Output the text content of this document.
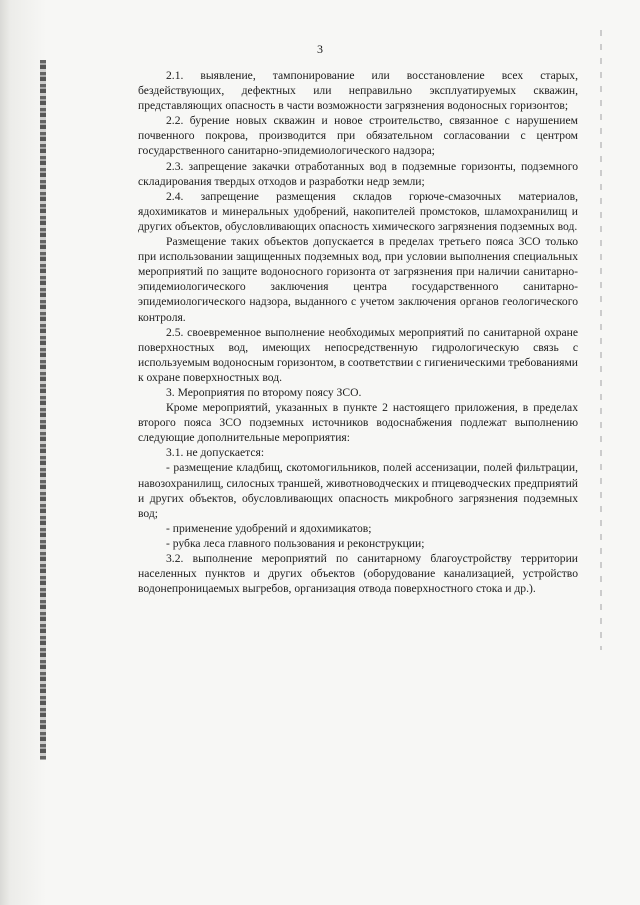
3

2.1. выявление, тампонирование или восстановление всех старых, бездействующих, дефектных или неправильно эксплуатируемых скважин, представляющих опасность в части возможности загрязнения водоносных горизонтов;

2.2. бурение новых скважин и новое строительство, связанное с нарушением почвенного покрова, производится при обязательном согласовании с центром государственного санитарно-эпидемиологического надзора;

2.3. запрещение закачки отработанных вод в подземные горизонты, подземного складирования твердых отходов и разработки недр земли;

2.4. запрещение размещения складов горюче-смазочных материалов, ядохимикатов и минеральных удобрений, накопителей промстоков, шламохранилищ и других объектов, обусловливающих опасность химического загрязнения подземных вод.

Размещение таких объектов допускается в пределах третьего пояса ЗСО только при использовании защищенных подземных вод, при условии выполнения специальных мероприятий по защите водоносного горизонта от загрязнения при наличии санитарно-эпидемиологического заключения центра государственного санитарно-эпидемиологического надзора, выданного с учетом заключения органов геологического контроля.

2.5. своевременное выполнение необходимых мероприятий по санитарной охране поверхностных вод, имеющих непосредственную гидрологическую связь с используемым водоносным горизонтом, в соответствии с гигиеническими требованиями к охране поверхностных вод.

3. Мероприятия по второму поясу ЗСО.

Кроме мероприятий, указанных в пункте 2 настоящего приложения, в пределах второго пояса ЗСО подземных источников водоснабжения подлежат выполнению следующие дополнительные мероприятия:

3.1. не допускается:

- размещение кладбищ, скотомогильников, полей ассенизации, полей фильтрации, навозохранилищ, силосных траншей, животноводческих и птицеводческих предприятий и других объектов, обусловливающих опасность микробного загрязнения подземных вод;

- применение удобрений и ядохимикатов;

- рубка леса главного пользования и реконструкции;

3.2. выполнение мероприятий по санитарному благоустройству территории населенных пунктов и других объектов (оборудование канализацией, устройство водонепроницаемых выгребов, организация отвода поверхностного стока и др.).
